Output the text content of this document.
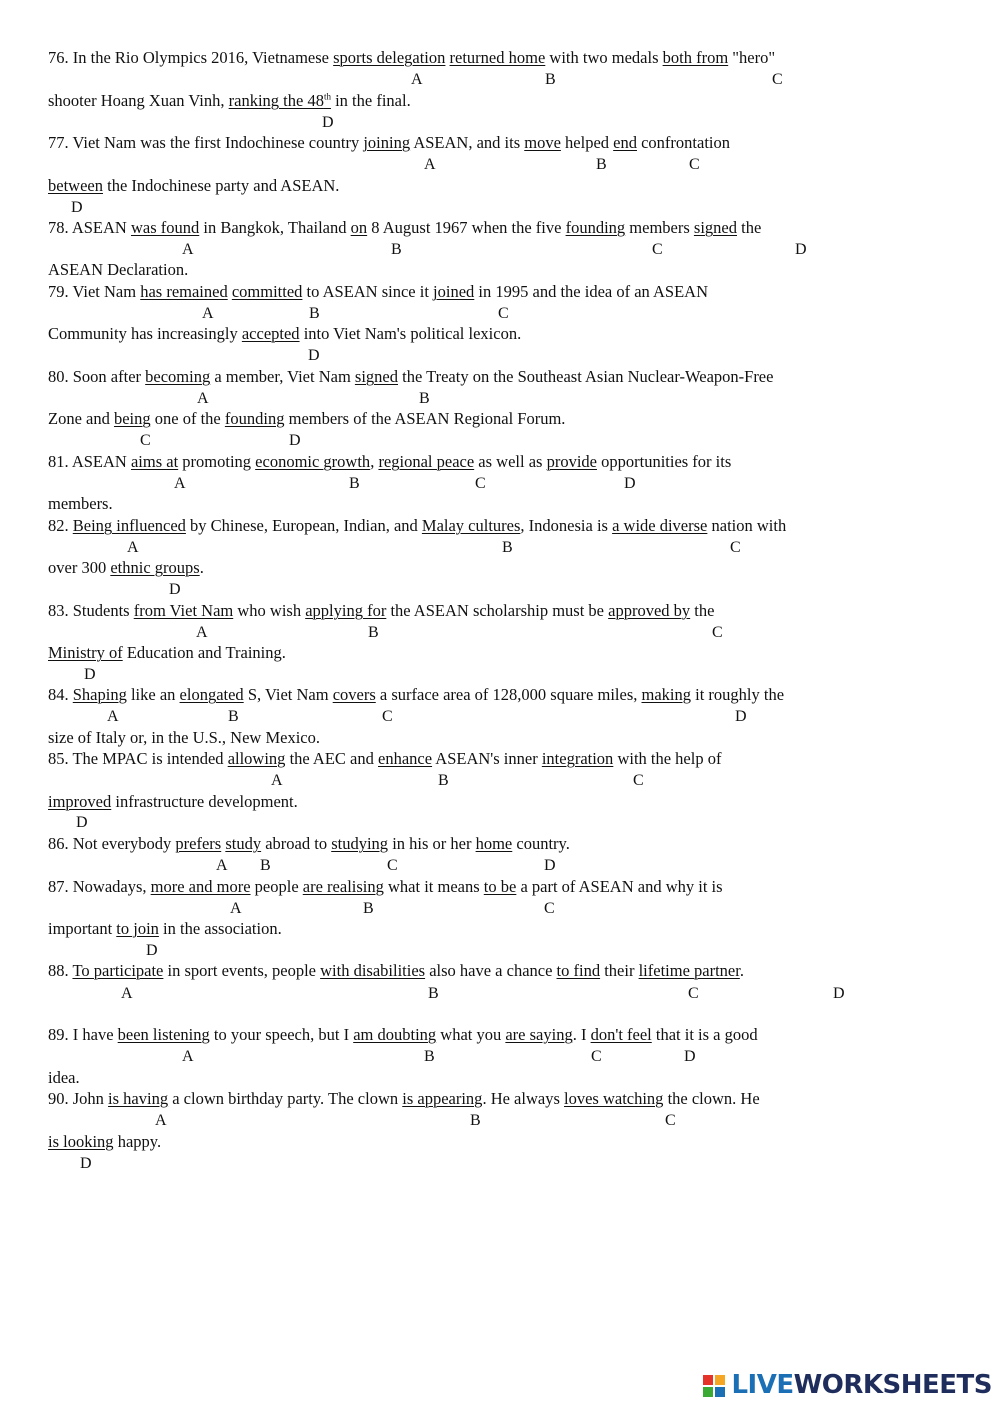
76. In the Rio Olympics 2016, Vietnamese sports delegation returned home with two medals both from "hero"
A	B	C
shooter Hoang Xuan Vinh, ranking the 48th in the final.
D
77. Viet Nam was the first Indochinese country joining ASEAN, and its move helped end confrontation
A	B	C
between the Indochinese party and ASEAN.
D
78. ASEAN was found in Bangkok, Thailand on 8 August 1967 when the five founding members signed the
A	B	C	D
ASEAN Declaration.
79. Viet Nam has remained committed to ASEAN since it joined in 1995 and the idea of an ASEAN
A	B	C
Community has increasingly accepted into Viet Nam's political lexicon.
D
80. Soon after becoming a member, Viet Nam signed the Treaty on the Southeast Asian Nuclear-Weapon-Free
A	B
Zone and being one of the founding members of the ASEAN Regional Forum.
C	D
81. ASEAN aims at promoting economic growth, regional peace as well as provide opportunities for its
A	B	C	D
members.
82. Being influenced by Chinese, European, Indian, and Malay cultures, Indonesia is a wide diverse nation with
A	B	C
over 300 ethnic groups.
D
83. Students from Viet Nam who wish applying for the ASEAN scholarship must be approved by the
A	B	C
Ministry of Education and Training.
D
84. Shaping like an elongated S, Viet Nam covers a surface area of 128,000 square miles, making it roughly the
A	B	C	D
size of Italy or, in the U.S., New Mexico.
85. The MPAC is intended allowing the AEC and enhance ASEAN's inner integration with the help of
A	B	C
improved infrastructure development.
D
86. Not everybody prefers study abroad to studying in his or her home country.
A B	C	D
87. Nowadays, more and more people are realising what it means to be a part of ASEAN and why it is
A	B	C
important to join in the association.
D
88. To participate in sport events, people with disabilities also have a chance to find their lifetime partner.
A	B	C	D
89. I have been listening to your speech, but I am doubting what you are saying. I don't feel that it is a good
A	B	C	D
idea.
90. John is having a clown birthday party. The clown is appearing. He always loves watching the clown. He
A	B	C
is looking happy.
D
LIVEWORKSHEETS
